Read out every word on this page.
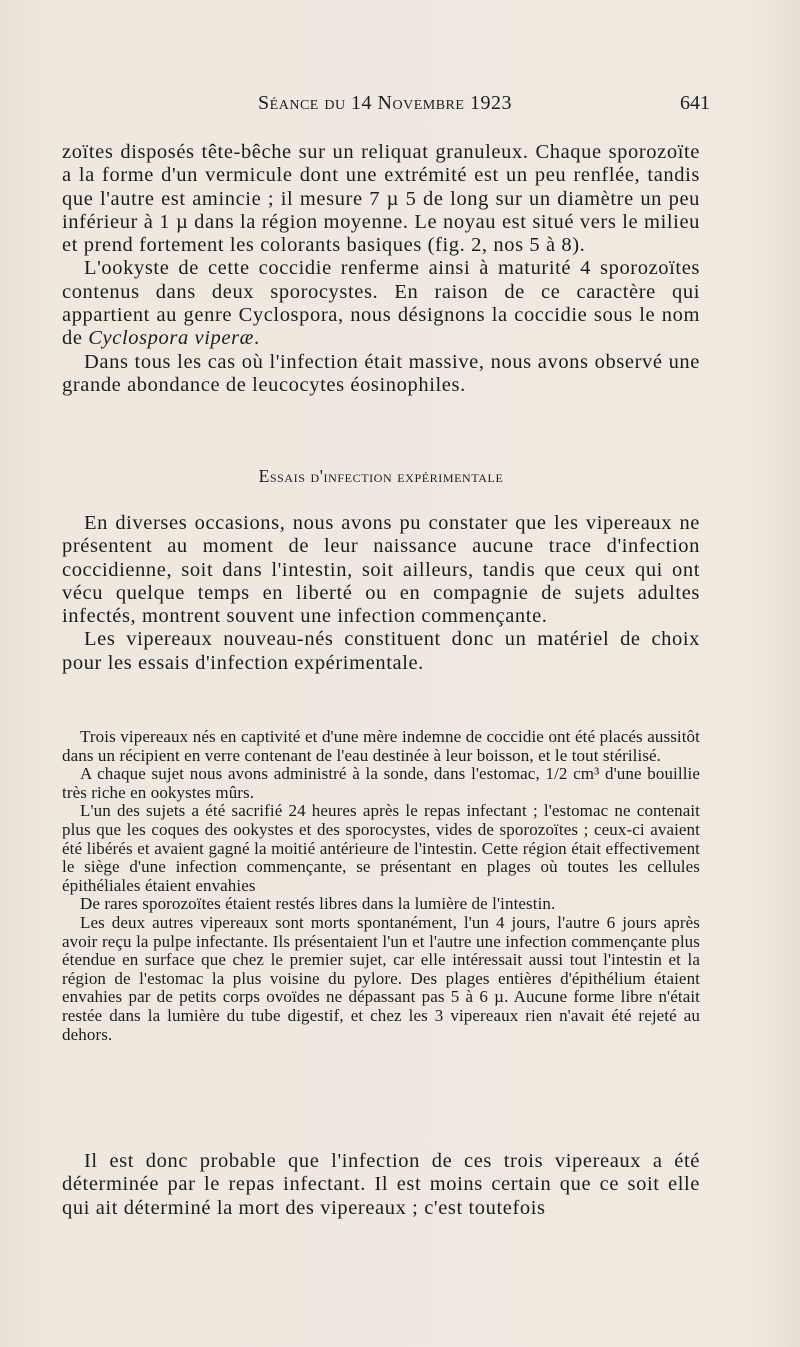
Séance du 14 Novembre 1923	641

zoïtes disposés tête-bêche sur un reliquat granuleux. Chaque sporozoïte a la forme d'un vermicule dont une extrémité est un peu renflée, tandis que l'autre est amincie ; il mesure 7 µ 5 de long sur un diamètre un peu inférieur à 1 µ dans la région moyenne. Le noyau est situé vers le milieu et prend fortement les colorants basiques (fig. 2, nos 5 à 8).

L'ookyste de cette coccidie renferme ainsi à maturité 4 sporozoïtes contenus dans deux sporocystes. En raison de ce caractère qui appartient au genre Cyclospora, nous désignons la coccidie sous le nom de Cyclospora viperæ.

Dans tous les cas où l'infection était massive, nous avons observé une grande abondance de leucocytes éosinophiles.

Essais d'infection expérimentale

En diverses occasions, nous avons pu constater que les vipereaux ne présentent au moment de leur naissance aucune trace d'infection coccidienne, soit dans l'intestin, soit ailleurs, tandis que ceux qui ont vécu quelque temps en liberté ou en compagnie de sujets adultes infectés, montrent souvent une infection commençante.

Les vipereaux nouveau-nés constituent donc un matériel de choix pour les essais d'infection expérimentale.

Trois vipereaux nés en captivité et d'une mère indemne de coccidie ont été placés aussitôt dans un récipient en verre contenant de l'eau destinée à leur boisson, et le tout stérilisé.

A chaque sujet nous avons administré à la sonde, dans l'estomac, 1/2 cm³ d'une bouillie très riche en ookystes mûrs.

L'un des sujets a été sacrifié 24 heures après le repas infectant ; l'estomac ne contenait plus que les coques des ookystes et des sporocystes, vides de sporozoïtes ; ceux-ci avaient été libérés et avaient gagné la moitié antérieure de l'intestin. Cette région était effectivement le siège d'une infection commençante, se présentant en plages où toutes les cellules épithéliales étaient envahies

De rares sporozoïtes étaient restés libres dans la lumière de l'intestin.

Les deux autres vipereaux sont morts spontanément, l'un 4 jours, l'autre 6 jours après avoir reçu la pulpe infectante. Ils présentaient l'un et l'autre une infection commençante plus étendue en surface que chez le premier sujet, car elle intéressait aussi tout l'intestin et la région de l'estomac la plus voisine du pylore. Des plages entières d'épithélium étaient envahies par de petits corps ovoïdes ne dépassant pas 5 à 6 µ. Aucune forme libre n'était restée dans la lumière du tube digestif, et chez les 3 vipereaux rien n'avait été rejeté au dehors.

Il est donc probable que l'infection de ces trois vipereaux a été déterminée par le repas infectant. Il est moins certain que ce soit elle qui ait déterminé la mort des vipereaux ; c'est toutefois
